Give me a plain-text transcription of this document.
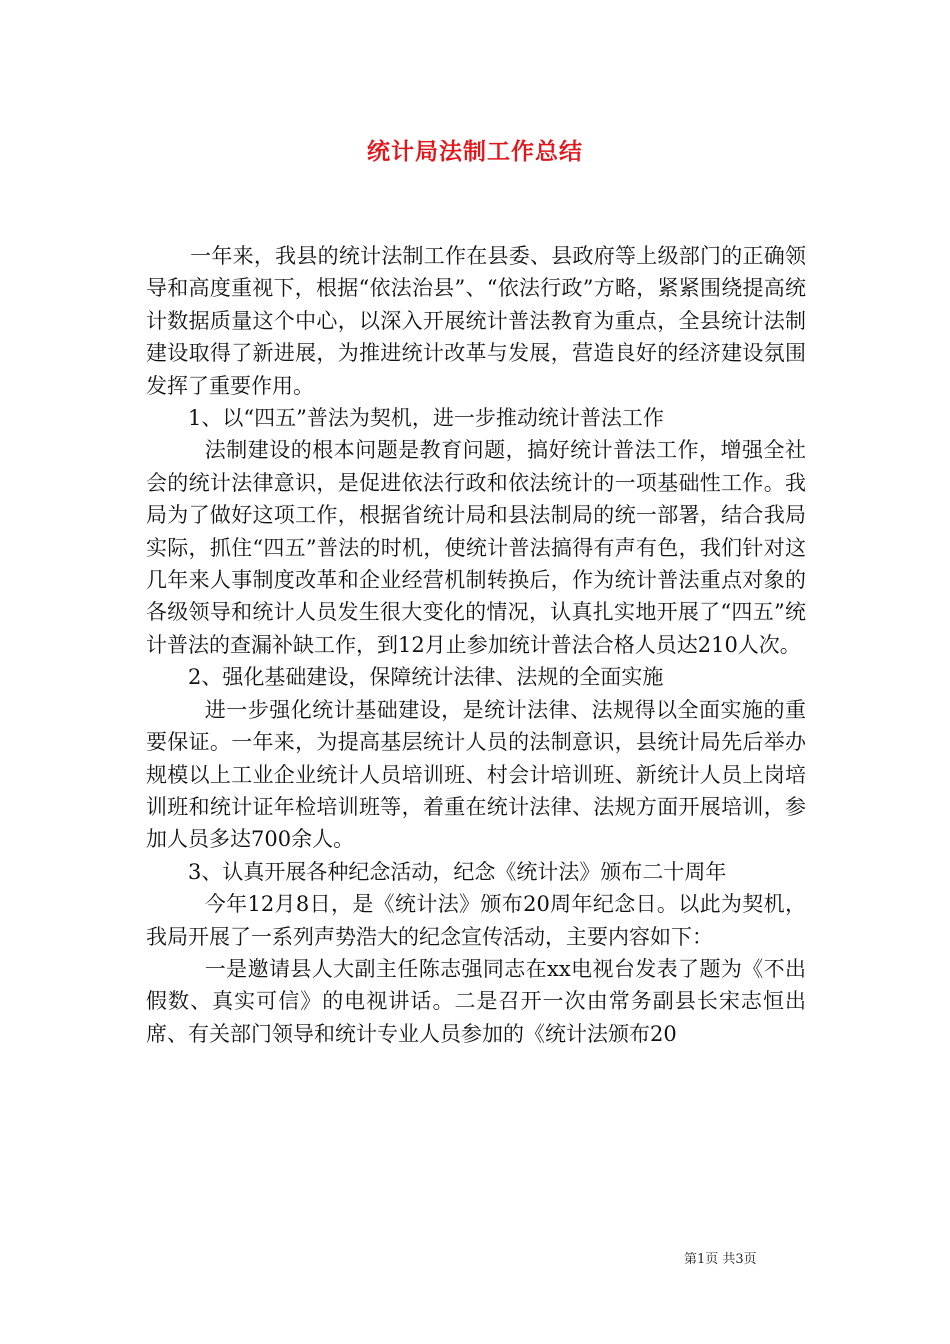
统计局法制工作总结

一年来，我县的统计法制工作在县委、县政府等上级部门的正确领导和高度重视下，根据“依法治县”、“依法行政”方略，紧紧围绕提高统计数据质量这个中心，以深入开展统计普法教育为重点，全县统计法制建设取得了新进展，为推进统计改革与发展，营造良好的经济建设氛围发挥了重要作用。

1、以“四五”普法为契机，进一步推动统计普法工作

法制建设的根本问题是教育问题，搞好统计普法工作，增强全社会的统计法律意识，是促进依法行政和依法统计的一项基础性工作。我局为了做好这项工作，根据省统计局和县法制局的统一部署，结合我局实际，抓住“四五”普法的时机，使统计普法搞得有声有色，我们针对这几年来人事制度改革和企业经营机制转换后，作为统计普法重点对象的各级领导和统计人员发生很大变化的情况，认真扎实地开展了“四五”统计普法的查漏补缺工作，到12月止参加统计普法合格人员达210人次。

2、强化基础建设，保障统计法律、法规的全面实施

进一步强化统计基础建设，是统计法律、法规得以全面实施的重要保证。一年来，为提高基层统计人员的法制意识，县统计局先后举办规模以上工业企业统计人员培训班、村会计培训班、新统计人员上岗培训班和统计证年检培训班等，着重在统计法律、法规方面开展培训，参加人员多达700余人。

3、认真开展各种纪念活动，纪念《统计法》颁布二十周年

今年12月8日，是《统计法》颁布20周年纪念日。以此为契机，我局开展了一系列声势浩大的纪念宣传活动，主要内容如下：

一是邀请县人大副主任陈志强同志在xx电视台发表了题为《不出假数、真实可信》的电视讲话。二是召开一次由常务副县长宋志恒出席、有关部门领导和统计专业人员参加的《统计法颁布20

第1页 共3页
